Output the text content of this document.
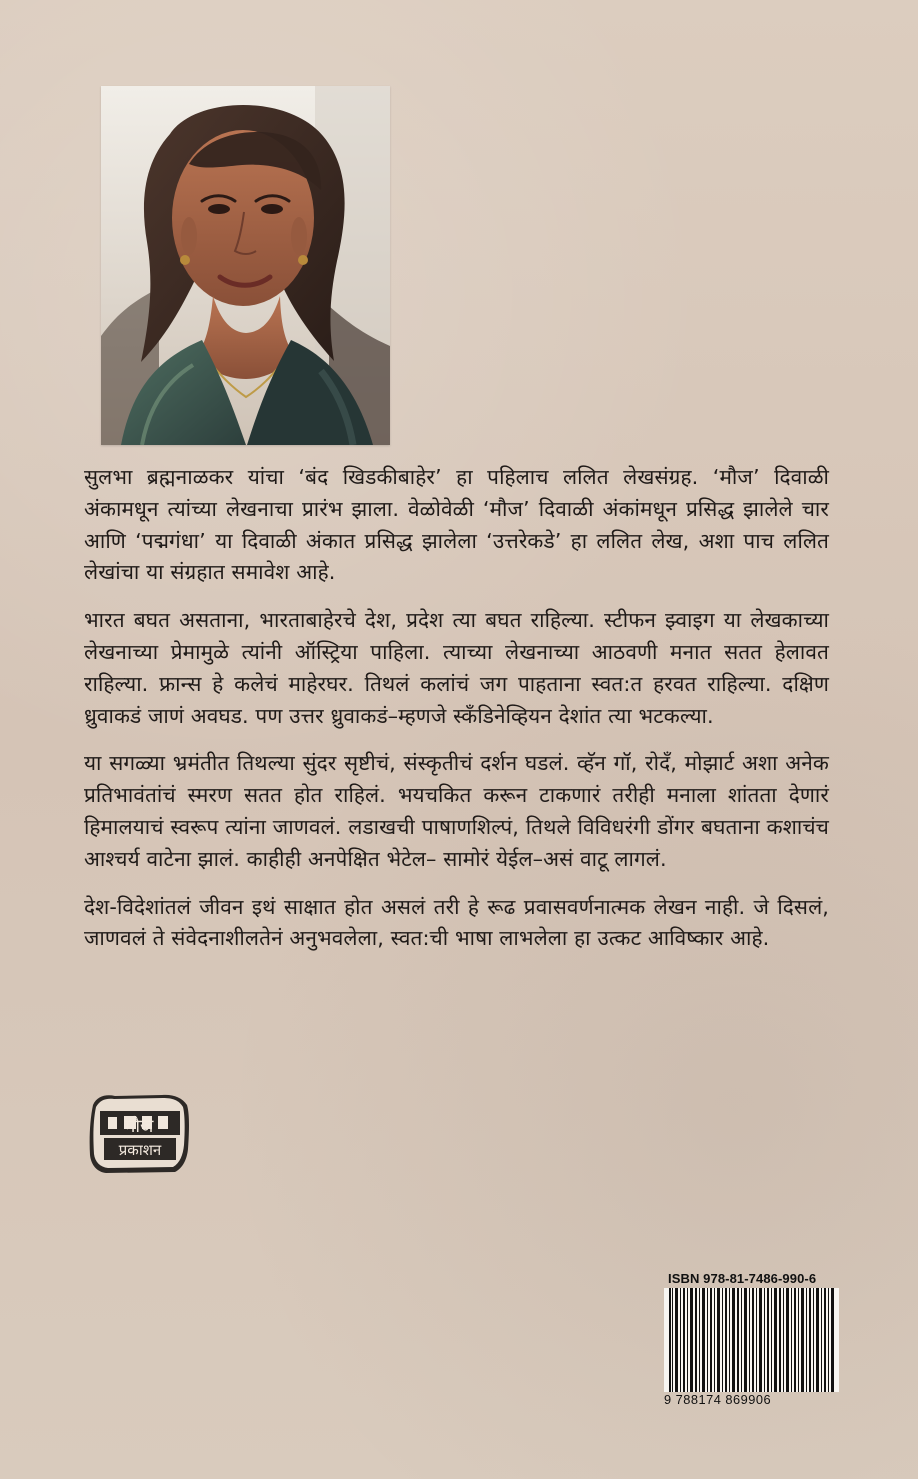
सुलभा ब्रह्मनाळकर यांचा ‘बंद खिडकीबाहेर’ हा पहिलाच ललित लेखसंग्रह. ‘मौज’ दिवाळी अंकामधून त्यांच्या लेखनाचा प्रारंभ झाला. वेळोवेळी ‘मौज’ दिवाळी अंकांमधून प्रसिद्ध झालेले चार आणि ‘पद्मगंधा’ या दिवाळी अंकात प्रसिद्ध झालेला ‘उत्तरेकडे’ हा ललित लेख, अशा पाच ललित लेखांचा या संग्रहात समावेश आहे.

भारत बघत असताना, भारताबाहेरचे देश, प्रदेश त्या बघत राहिल्या. स्टीफन झ्वाइग या लेखकाच्या लेखनाच्या प्रेमामुळे त्यांनी ऑस्ट्रिया पाहिला. त्याच्या लेखनाच्या आठवणी मनात सतत हेलावत राहिल्या. फ्रान्स हे कलेचं माहेरघर. तिथलं कलांचं जग पाहताना स्वत:त हरवत राहिल्या. दक्षिण ध्रुवाकडं जाणं अवघड. पण उत्तर ध्रुवाकडं–म्हणजे स्कँडिनेव्हियन देशांत त्या भटकल्या.

या सगळ्या भ्रमंतीत तिथल्या सुंदर सृष्टीचं, संस्कृतीचं दर्शन घडलं. व्हॅन गॉ, रोदँ, मोझार्ट अशा अनेक प्रतिभावंतांचं स्मरण सतत होत राहिलं. भयचकित करून टाकणारं तरीही मनाला शांतता देणारं हिमालयाचं स्वरूप त्यांना जाणवलं. लडाखची पाषाणशिल्पं, तिथले विविधरंगी डोंगर बघताना कशाचंच आश्चर्य वाटेना झालं. काहीही अनपेक्षित भेटेल– सामोरं येईल–असं वाटू लागलं.

देश-विदेशांतलं जीवन इथं साक्षात होत असलं तरी हे रूढ प्रवासवर्णनात्मक लेखन नाही. जे दिसलं, जाणवलं ते संवेदनाशीलतेनं अनुभवलेला, स्वत:ची भाषा लाभलेला हा उत्कट आविष्कार आहे.

मौज
प्रकाशन
ISBN 978-81-7486-990-6
9 788174 869906
